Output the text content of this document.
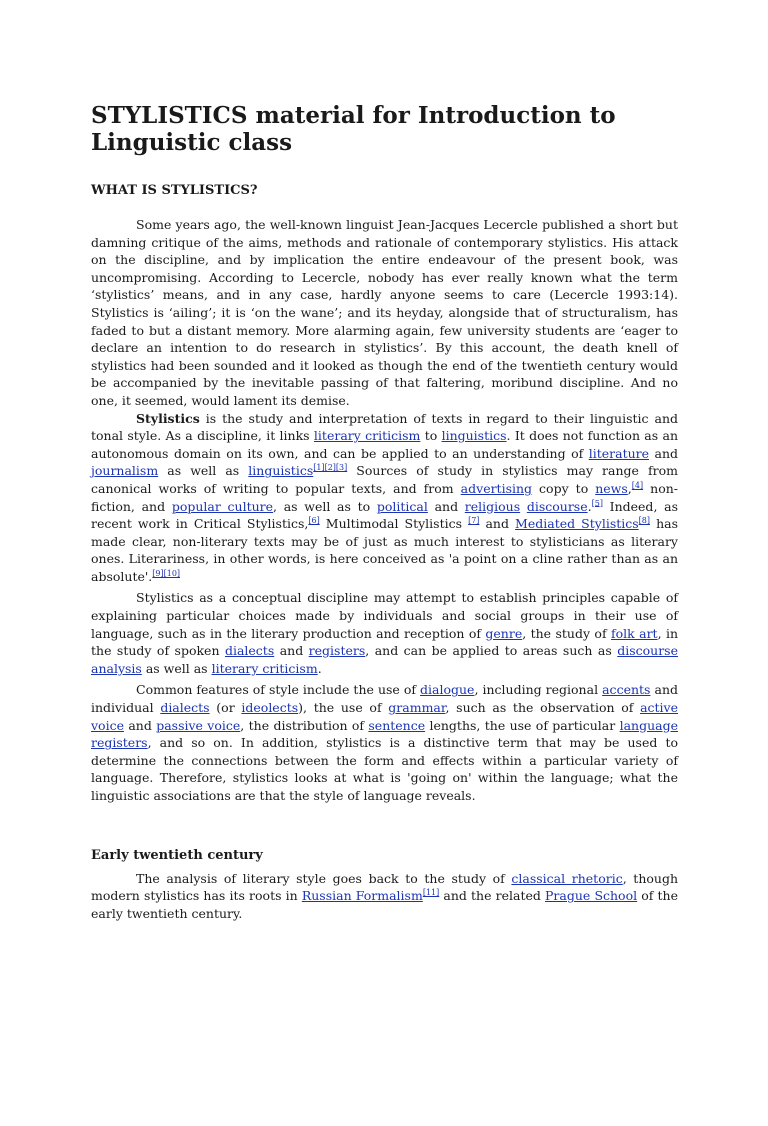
STYLISTICS material for Introduction to Linguistic class
WHAT IS STYLISTICS?

Some years ago, the well-known linguist Jean-Jacques Lecercle published a short but damning critique of the aims, methods and rationale of contemporary stylistics. His attack on the discipline, and by implication the entire endeavour of the present book, was uncompromising. According to Lecercle, nobody has ever really known what the term ‘stylistics’ means, and in any case, hardly anyone seems to care (Lecercle 1993:14). Stylistics is ‘ailing’; it is ‘on the wane’; and its heyday, alongside that of structuralism, has faded to but a distant memory. More alarming again, few university students are ‘eager to declare an intention to do research in stylistics’. By this account, the death knell of stylistics had been sounded and it looked as though the end of the twentieth century would be accompanied by the inevitable passing of that faltering, moribund discipline. And no one, it seemed, would lament its demise.

Stylistics is the study and interpretation of texts in regard to their linguistic and tonal style. As a discipline, it links literary criticism to linguistics. It does not function as an autonomous domain on its own, and can be applied to an understanding of literature and journalism as well as linguistics[1][2][3] Sources of study in stylistics may range from canonical works of writing to popular texts, and from advertising copy to news,[4] non-fiction, and popular culture, as well as to political and religious discourse.[5] Indeed, as recent work in Critical Stylistics,[6] Multimodal Stylistics [7] and Mediated Stylistics[8] has made clear, non-literary texts may be of just as much interest to stylisticians as literary ones. Literariness, in other words, is here conceived as 'a point on a cline rather than as an absolute'.[9][10]

Stylistics as a conceptual discipline may attempt to establish principles capable of explaining particular choices made by individuals and social groups in their use of language, such as in the literary production and reception of genre, the study of folk art, in the study of spoken dialects and registers, and can be applied to areas such as discourse analysis as well as literary criticism.

Common features of style include the use of dialogue, including regional accents and individual dialects (or ideolects), the use of grammar, such as the observation of active voice and passive voice, the distribution of sentence lengths, the use of particular language registers, and so on. In addition, stylistics is a distinctive term that may be used to determine the connections between the form and effects within a particular variety of language. Therefore, stylistics looks at what is 'going on' within the language; what the linguistic associations are that the style of language reveals.

Early twentieth century

The analysis of literary style goes back to the study of classical rhetoric, though modern stylistics has its roots in Russian Formalism[11] and the related Prague School of the early twentieth century.
